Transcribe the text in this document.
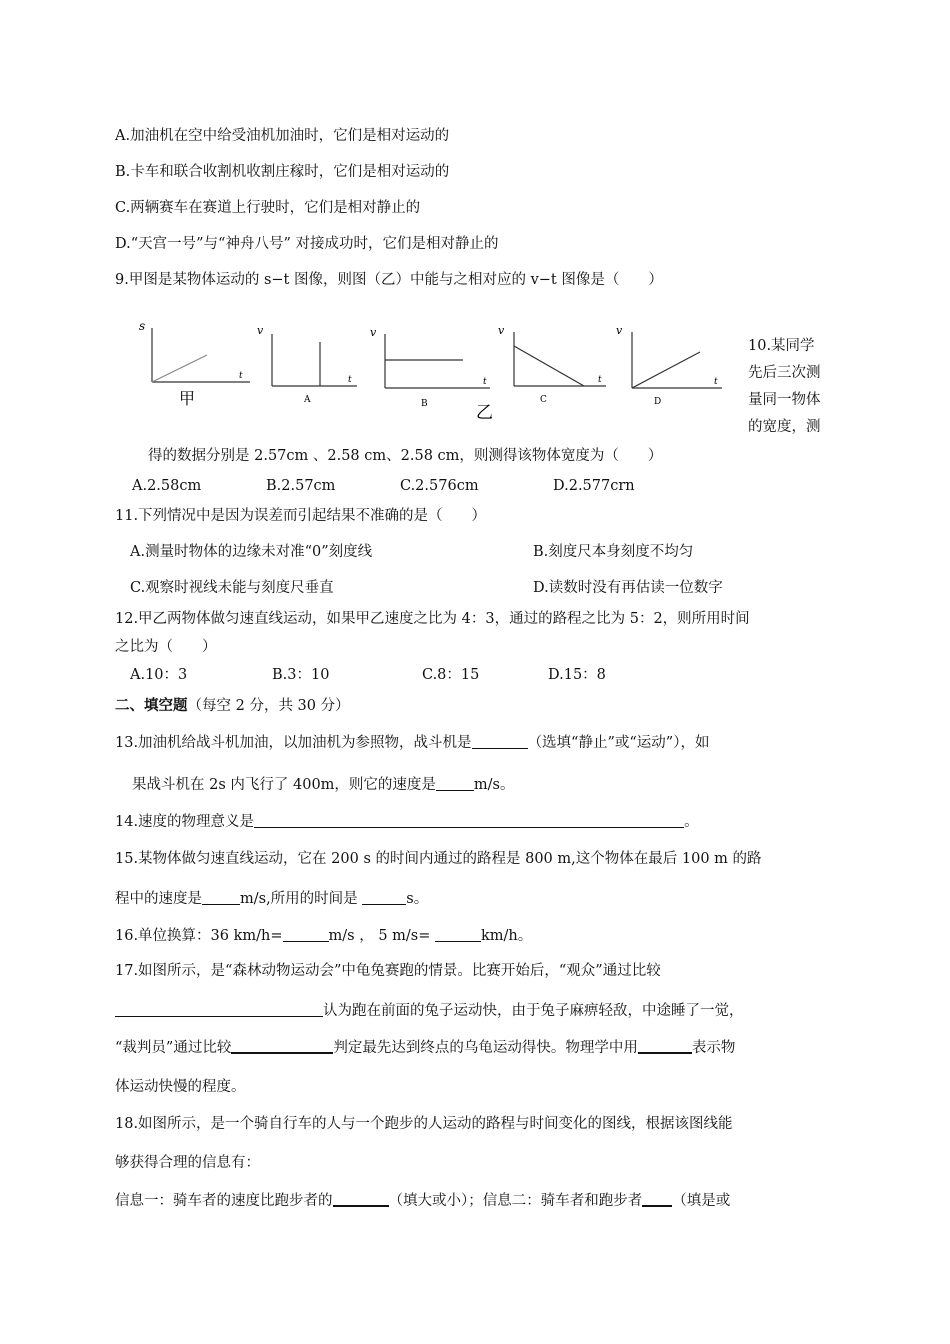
A.加油机在空中给受油机加油时，它们是相对运动的
B.卡车和联合收割机收割庄稼时，它们是相对运动的
C.两辆赛车在赛道上行驶时，它们是相对静止的
D.“天宫一号”与“神舟八号” 对接成功时，它们是相对静止的
9.甲图是某物体运动的 s−t 图像，则图（乙）中能与之相对应的 v−t 图像是（　　）
s
t
甲
v
t
A
v
t
B	乙
v
t
C
v
t
D
10.某同学
先后三次测
量同一物体
的宽度，测
得的数据分别是 2.57cm 、2.58 cm、2.58 cm，则测得该物体宽度为（　　）
A.2.58cm	B.2.57cm	C.2.576cm	D.2.577crn
11.下列情况中是因为误差而引起结果不准确的是（　　）
A.测量时物体的边缘未对准“0”刻度线	B.刻度尺本身刻度不均匀
C.观察时视线未能与刻度尺垂直	D.读数时没有再估读一位数字
12.甲乙两物体做匀速直线运动，如果甲乙速度之比为 4：3，通过的路程之比为 5：2，则所用时间
之比为（　　）
A.10：3	B.3：10	C.8：15	D.15：8
二、填空题（每空 2 分，共 30 分）
13.加油机给战斗机加油，以加油机为参照物，战斗机是	（选填“静止”或“运动”），如
果战斗机在 2s 内飞行了 400m，则它的速度是	m/s。
14.速度的物理意义是	。
15.某物体做匀速直线运动，它在 200 s 的时间内通过的路程是 800 m,这个物体在最后 100 m 的路
程中的速度是	m/s,所用的时间是	s。
16.单位换算：36 km/h=	m/s ， 5 m/s=	km/h。
17.如图所示，是“森林动物运动会”中龟兔赛跑的情景。比赛开始后，“观众”通过比较
认为跑在前面的兔子运动快，由于兔子麻痹轻敌，中途睡了一觉，
“裁判员”通过比较	判定最先达到终点的乌龟运动得快。物理学中用	表示物
体运动快慢的程度。
18.如图所示，是一个骑自行车的人与一个跑步的人运动的路程与时间变化的图线，根据该图线能
够获得合理的信息有：
信息一：骑车者的速度比跑步者的	（填大或小）；信息二：骑车者和跑步者 （填是或
